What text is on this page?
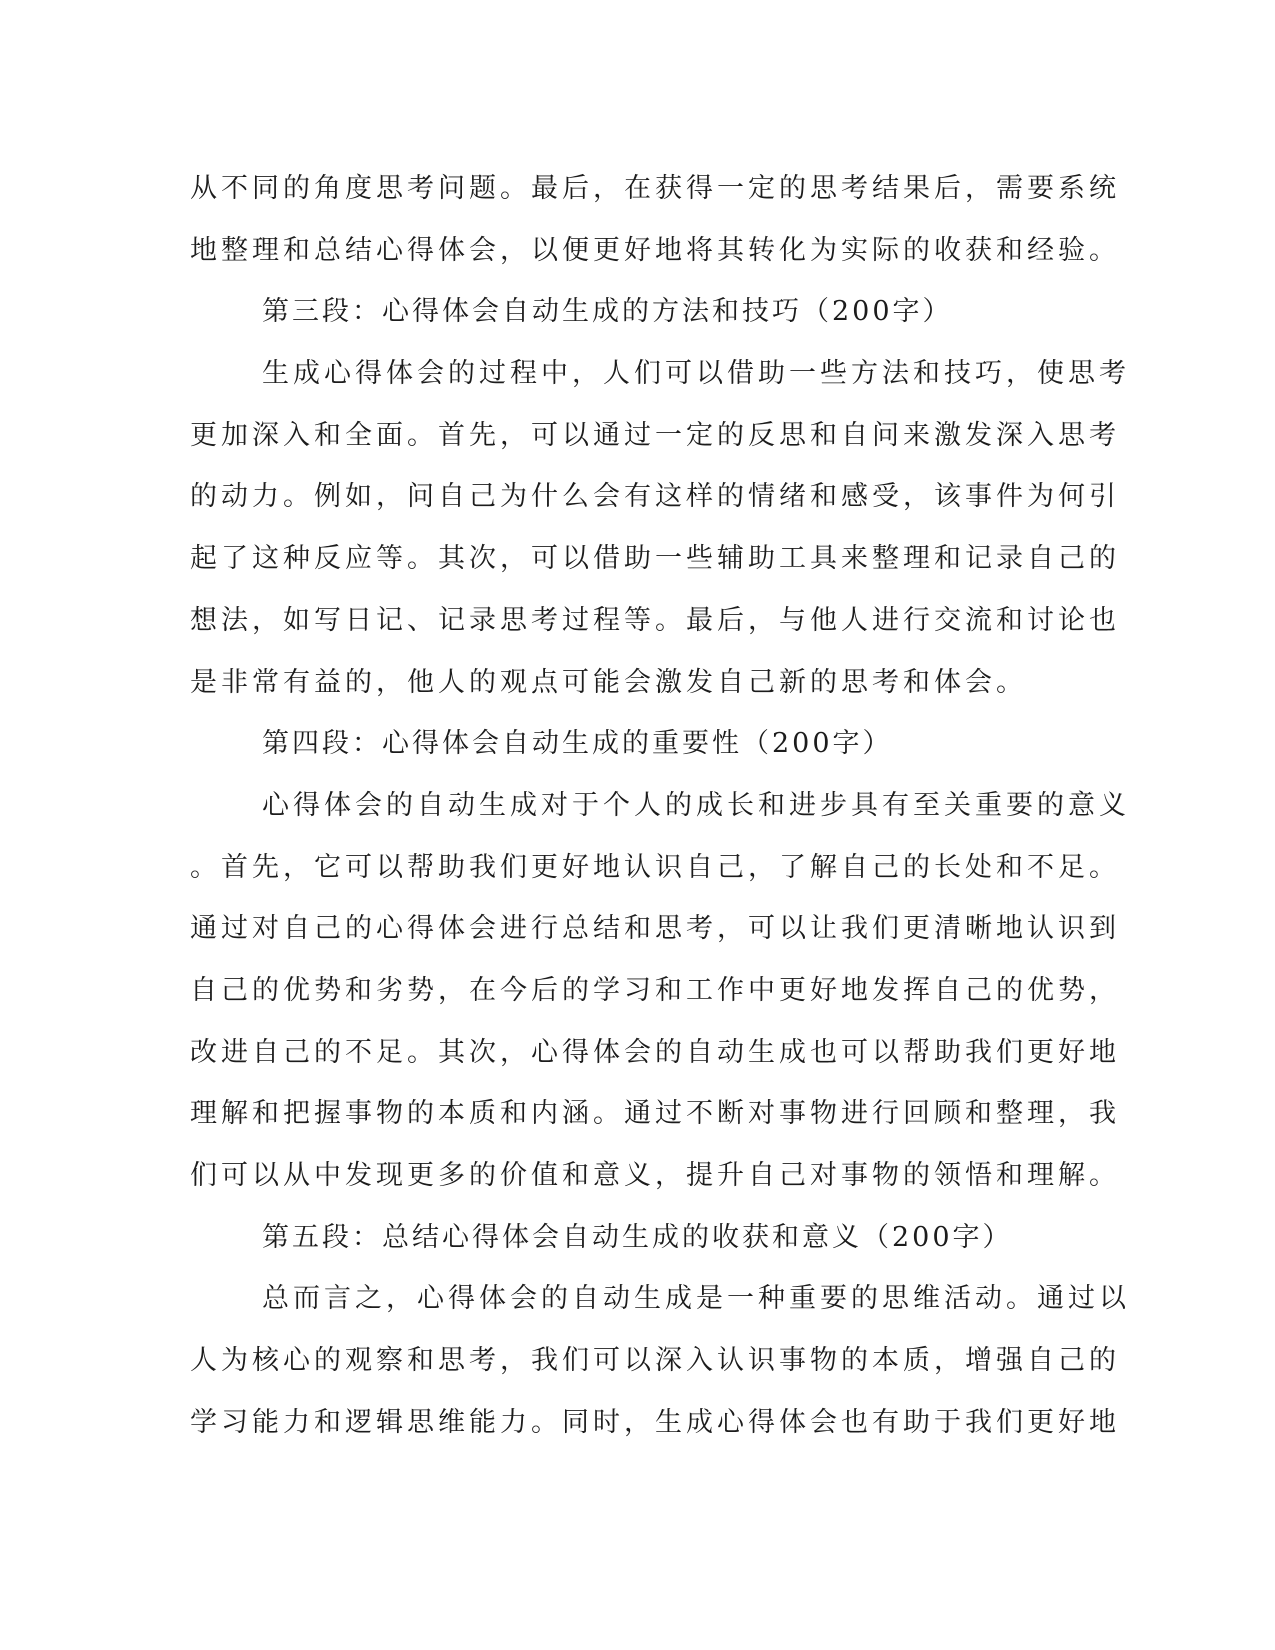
从不同的角度思考问题。最后，在获得一定的思考结果后，需要系统
地整理和总结心得体会，以便更好地将其转化为实际的收获和经验。
第三段：心得体会自动生成的方法和技巧（200字）
生成心得体会的过程中，人们可以借助一些方法和技巧，使思考
更加深入和全面。首先，可以通过一定的反思和自问来激发深入思考
的动力。例如，问自己为什么会有这样的情绪和感受，该事件为何引
起了这种反应等。其次，可以借助一些辅助工具来整理和记录自己的
想法，如写日记、记录思考过程等。最后，与他人进行交流和讨论也
是非常有益的，他人的观点可能会激发自己新的思考和体会。
第四段：心得体会自动生成的重要性（200字）
心得体会的自动生成对于个人的成长和进步具有至关重要的意义
。首先，它可以帮助我们更好地认识自己，了解自己的长处和不足。
通过对自己的心得体会进行总结和思考，可以让我们更清晰地认识到
自己的优势和劣势，在今后的学习和工作中更好地发挥自己的优势，
改进自己的不足。其次，心得体会的自动生成也可以帮助我们更好地
理解和把握事物的本质和内涵。通过不断对事物进行回顾和整理，我
们可以从中发现更多的价值和意义，提升自己对事物的领悟和理解。
第五段：总结心得体会自动生成的收获和意义（200字）
总而言之，心得体会的自动生成是一种重要的思维活动。通过以
人为核心的观察和思考，我们可以深入认识事物的本质，增强自己的
学习能力和逻辑思维能力。同时，生成心得体会也有助于我们更好地
